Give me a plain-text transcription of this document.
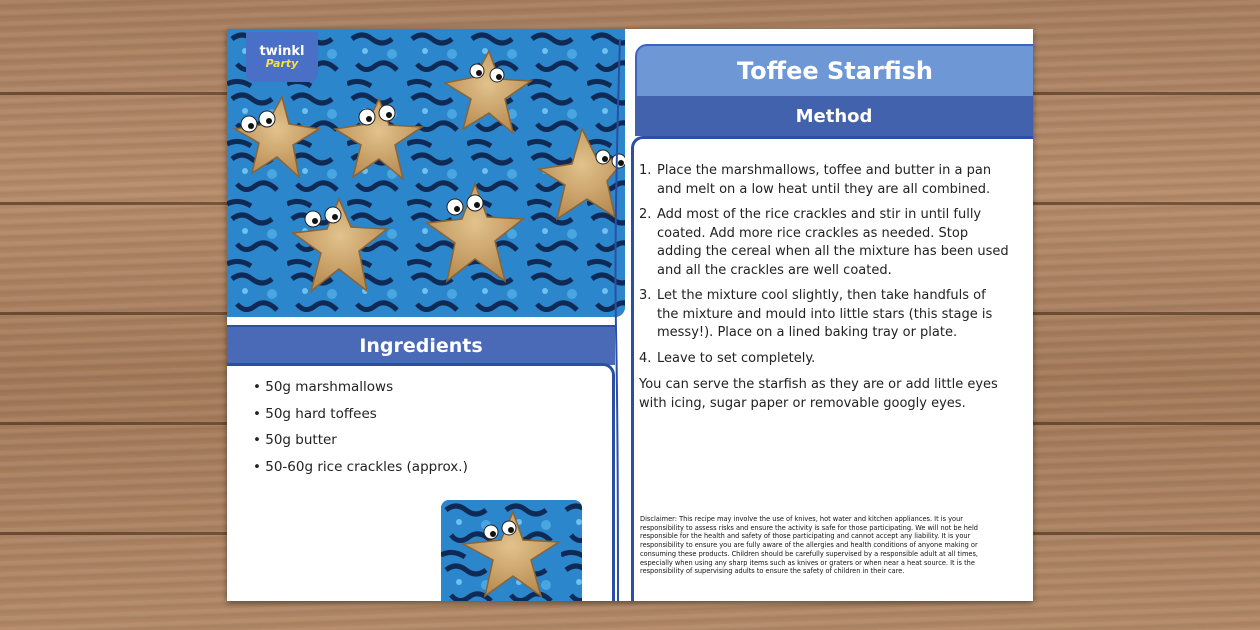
twinkl
Party
Ingredients
• 50g marshmallows
• 50g hard toffees
• 50g butter
• 50-60g rice crackles (approx.)
Toffee Starfish
Method
1. Place the marshmallows, toffee and butter in a pan and melt on a low heat until they are all combined.
2. Add most of the rice crackles and stir in until fully coated. Add more rice crackles as needed. Stop adding the cereal when all the mixture has been used and all the crackles are well coated.
3. Let the mixture cool slightly, then take handfuls of the mixture and mould into little stars (this stage is messy!). Place on a lined baking tray or plate.
4. Leave to set completely.

You can serve the starfish as they are or add little eyes with icing, sugar paper or removable googly eyes.

Disclaimer: This recipe may involve the use of knives, hot water and kitchen appliances. It is your responsibility to assess risks and ensure the activity is safe for those participating. We will not be held responsible for the health and safety of those participating and cannot accept any liability. It is your responsibility to ensure you are fully aware of the allergies and health conditions of anyone making or consuming these products. Children should be carefully supervised by a responsible adult at all times, especially when using any sharp items such as knives or graters or when near a heat source. It is the responsibility of supervising adults to ensure the safety of children in their care.
